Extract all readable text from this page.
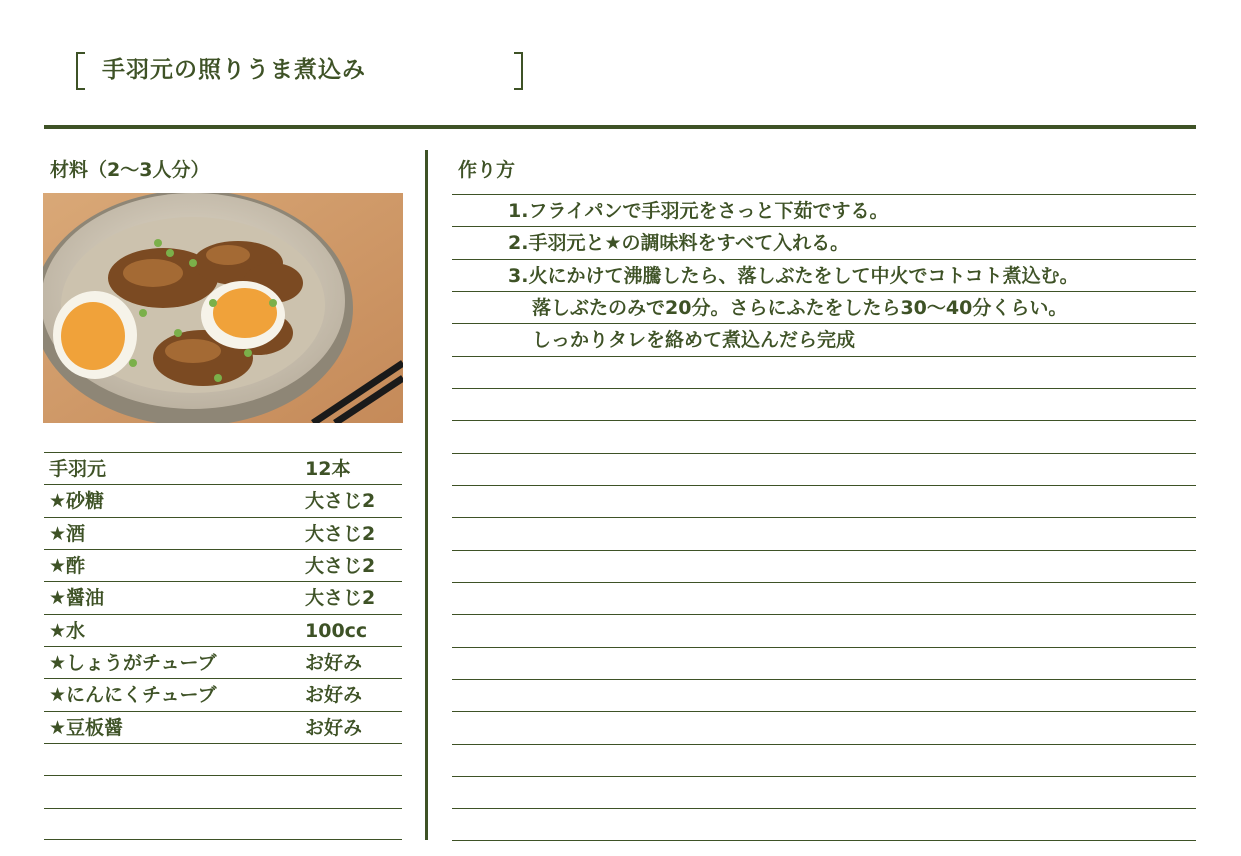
手羽元の照りうま煮込み
材料（2〜3人分）	作り方
手羽元	12本
★砂糖	大さじ2
★酒	大さじ2
★酢	大さじ2
★醤油	大さじ2
★水	100cc
★しょうがチューブ	お好み
★にんにくチューブ	お好み
★豆板醤	お好み
1.フライパンで手羽元をさっと下茹でする。
2.手羽元と★の調味料をすべて入れる。
3.火にかけて沸騰したら、落しぶたをして中火でコトコト煮込む。
落しぶたのみで20分。さらにふたをしたら30〜40分くらい。
しっかりタレを絡めて煮込んだら完成
